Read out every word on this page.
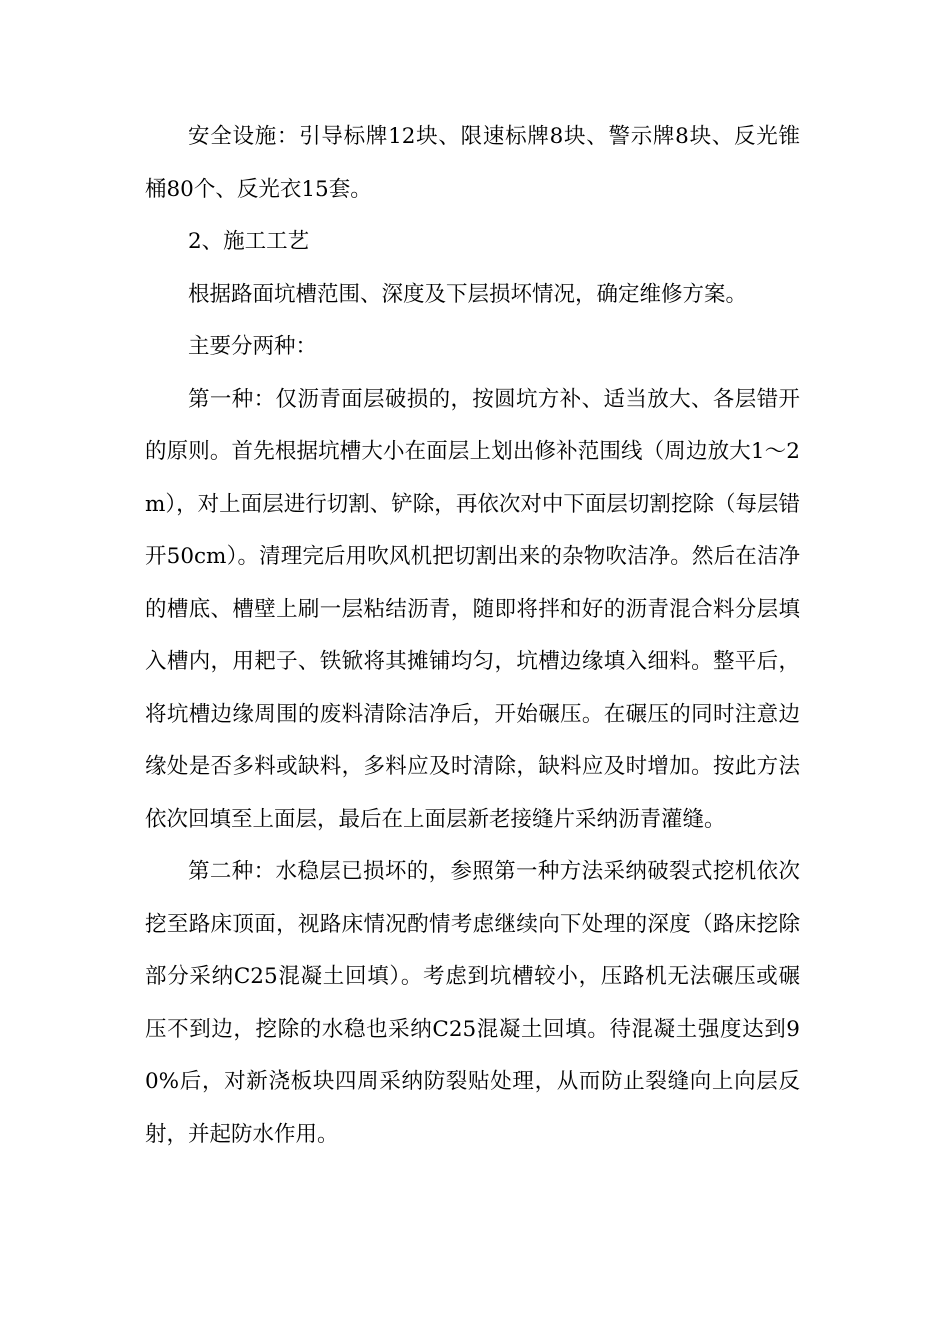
安全设施：引导标牌12块、限速标牌8块、警示牌8块、反光锥桶80个、反光衣15套。

2、施工工艺

根据路面坑槽范围、深度及下层损坏情况，确定维修方案。

主要分两种：

第一种：仅沥青面层破损的，按圆坑方补、适当放大、各层错开的原则。首先根据坑槽大小在面层上划出修补范围线（周边放大1～2m），对上面层进行切割、铲除，再依次对中下面层切割挖除（每层错开50cm）。清理完后用吹风机把切割出来的杂物吹洁净。然后在洁净的槽底、槽壁上刷一层粘结沥青，随即将拌和好的沥青混合料分层填入槽内，用耙子、铁锨将其摊铺均匀，坑槽边缘填入细料。整平后，将坑槽边缘周围的废料清除洁净后，开始碾压。在碾压的同时注意边缘处是否多料或缺料，多料应及时清除，缺料应及时增加。按此方法依次回填至上面层，最后在上面层新老接缝片采纳沥青灌缝。

第二种：水稳层已损坏的，参照第一种方法采纳破裂式挖机依次挖至路床顶面，视路床情况酌情考虑继续向下处理的深度（路床挖除部分采纳C25混凝土回填）。考虑到坑槽较小，压路机无法碾压或碾压不到边，挖除的水稳也采纳C25混凝土回填。待混凝土强度达到90%后，对新浇板块四周采纳防裂贴处理，从而防止裂缝向上向层反射，并起防水作用。
